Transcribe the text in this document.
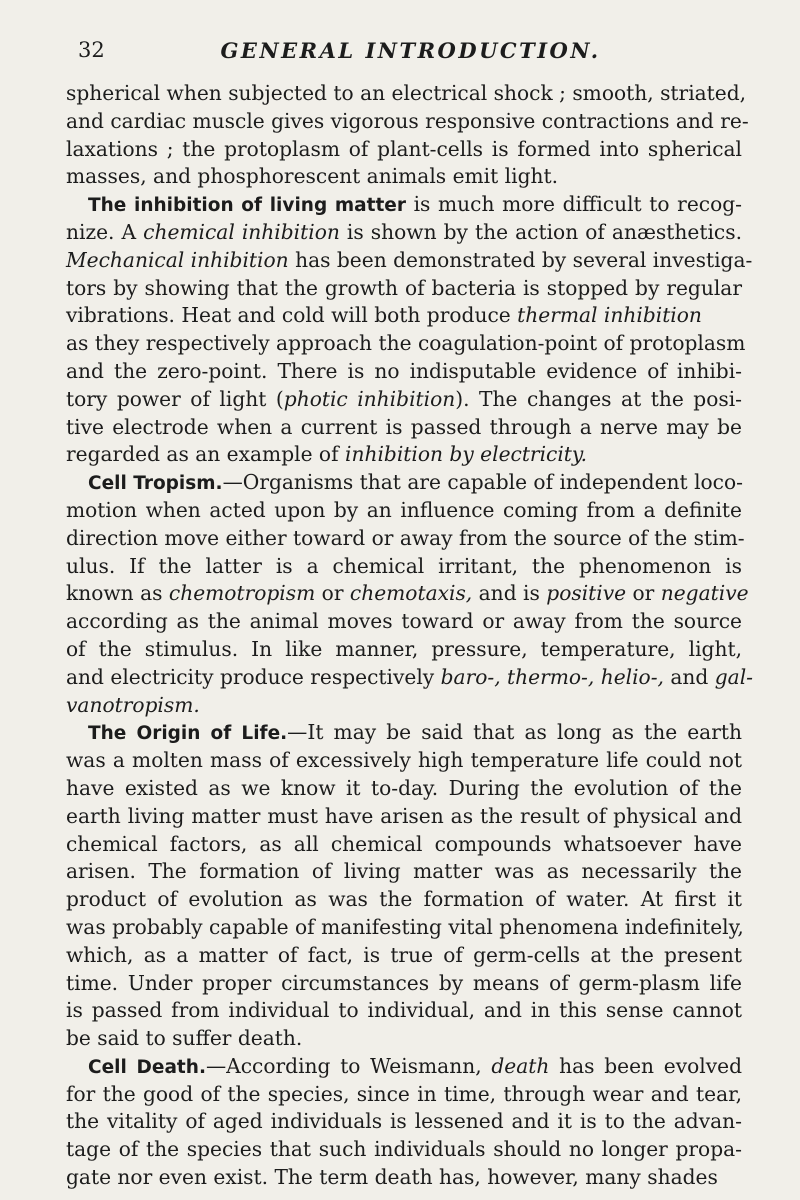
32	GENERAL INTRODUCTION.
spherical when subjected to an electrical shock ; smooth, striated,
and cardiac muscle gives vigorous responsive contractions and re-
laxations ; the protoplasm of plant-cells is formed into spherical
masses, and phosphorescent animals emit light.
The inhibition of living matter is much more difficult to recog-
nize. A chemical inhibition is shown by the action of anæsthetics.
Mechanical inhibition has been demonstrated by several investiga-
tors by showing that the growth of bacteria is stopped by regular
vibrations. Heat and cold will both produce thermal inhibition
as they respectively approach the coagulation-point of protoplasm
and the zero-point. There is no indisputable evidence of inhibi-
tory power of light (photic inhibition). The changes at the posi-
tive electrode when a current is passed through a nerve may be
regarded as an example of inhibition by electricity.
Cell Tropism.—Organisms that are capable of independent loco-
motion when acted upon by an influence coming from a definite
direction move either toward or away from the source of the stim-
ulus. If the latter is a chemical irritant, the phenomenon is
known as chemotropism or chemotaxis, and is positive or negative
according as the animal moves toward or away from the source
of the stimulus. In like manner, pressure, temperature, light,
and electricity produce respectively baro-, thermo-, helio-, and gal-
vanotropism.
The Origin of Life.—It may be said that as long as the earth
was a molten mass of excessively high temperature life could not
have existed as we know it to-day. During the evolution of the
earth living matter must have arisen as the result of physical and
chemical factors, as all chemical compounds whatsoever have
arisen. The formation of living matter was as necessarily the
product of evolution as was the formation of water. At first it
was probably capable of manifesting vital phenomena indefinitely,
which, as a matter of fact, is true of germ-cells at the present
time. Under proper circumstances by means of germ-plasm life
is passed from individual to individual, and in this sense cannot
be said to suffer death.
Cell Death.—According to Weismann, death has been evolved
for the good of the species, since in time, through wear and tear,
the vitality of aged individuals is lessened and it is to the advan-
tage of the species that such individuals should no longer propa-
gate nor even exist. The term death has, however, many shades
